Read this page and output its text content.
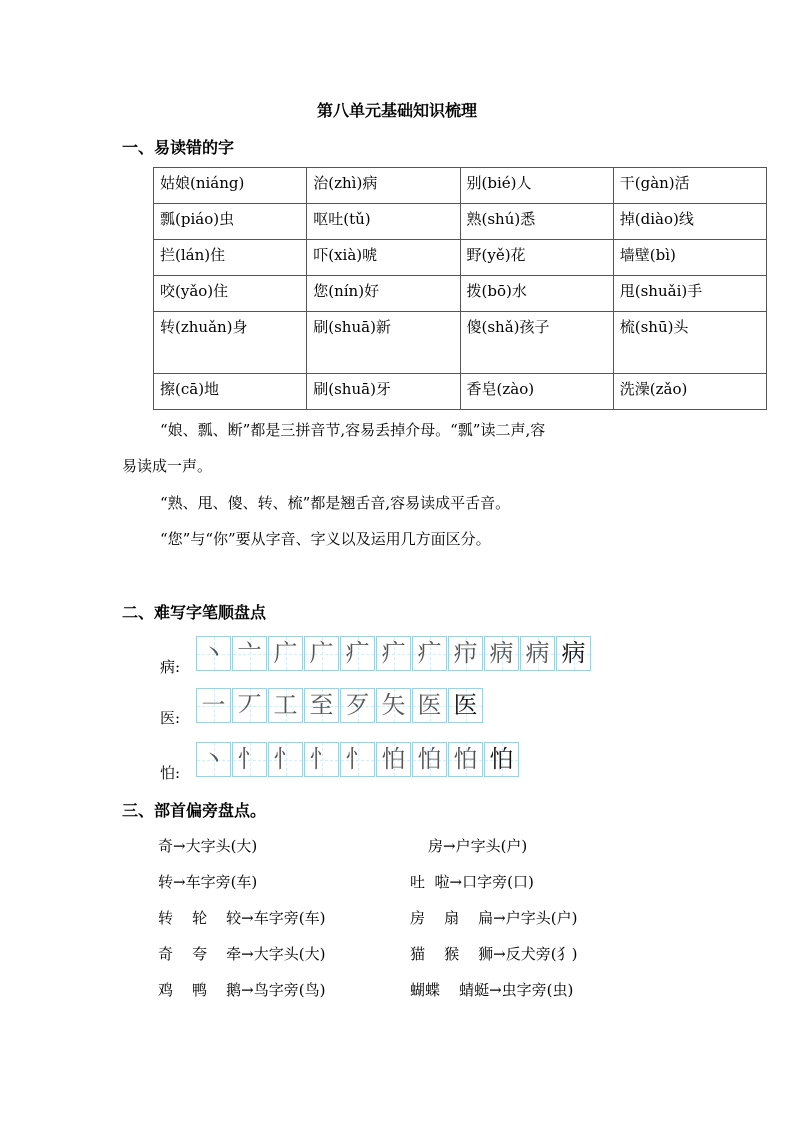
第八单元基础知识梳理
一、易读错的字
姑娘(niáng)	治(zhì)病	别(bié)人	干(gàn)活
瓢(piáo)虫	呕吐(tǔ)	熟(shú)悉	掉(diào)线
拦(lán)住	吓(xià)唬	野(yě)花	墙壁(bì)
咬(yǎo)住	您(nín)好	拨(bō)水	甩(shuǎi)手
转(zhuǎn)身	刷(shuā)新	傻(shǎ)孩子	梳(shū)头
擦(cā)地	刷(shuā)牙	香皂(zào)	洗澡(zǎo)
“娘、瓢、断”都是三拼音节,容易丢掉介母。“瓢”读二声,容
易读成一声。
“熟、甩、傻、转、梳”都是翘舌音,容易读成平舌音。
“您”与“你”要从字音、字义以及运用几方面区分。
二、难写字笔顺盘点
病: 丶 亠 广 广 疒 疒 疒 疖 病 病 病
医: 一 丆 工 至 歹 矢 医 医
怕: 丶 忄 忄 忄 忄 怕 怕 怕 怕
三、部首偏旁盘点。
奇→大字头(大)	房→户字头(户)
转→车字旁(车)	吐  啦→口字旁(口)
转    轮    较→车字旁(车)	房    扇    扁→户字头(户)
奇    夸    牵→大字头(大)	猫    猴    狮→反犬旁(犭)
鸡    鸭    鹅→鸟字旁(鸟)	蝴蝶    蜻蜓→虫字旁(虫)
